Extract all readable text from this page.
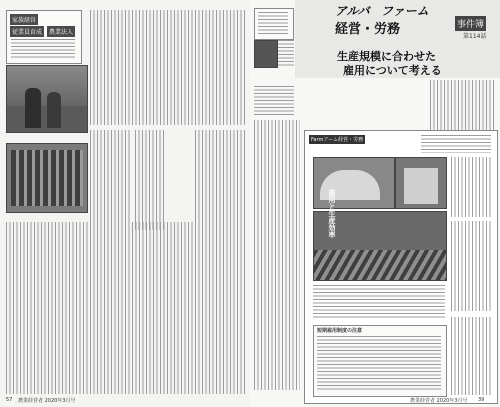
家族経営
従業員育成	農業法人
57 農業経営者 2020年3月号
アルバ ファーム
経営・労務	事件簿
第114話
生産規模に合わせた
雇用について考える
Farmアーム経営・労務
雇用と生産効率
短期雇用制度の注意
39
農業経営者 2020年3月号
